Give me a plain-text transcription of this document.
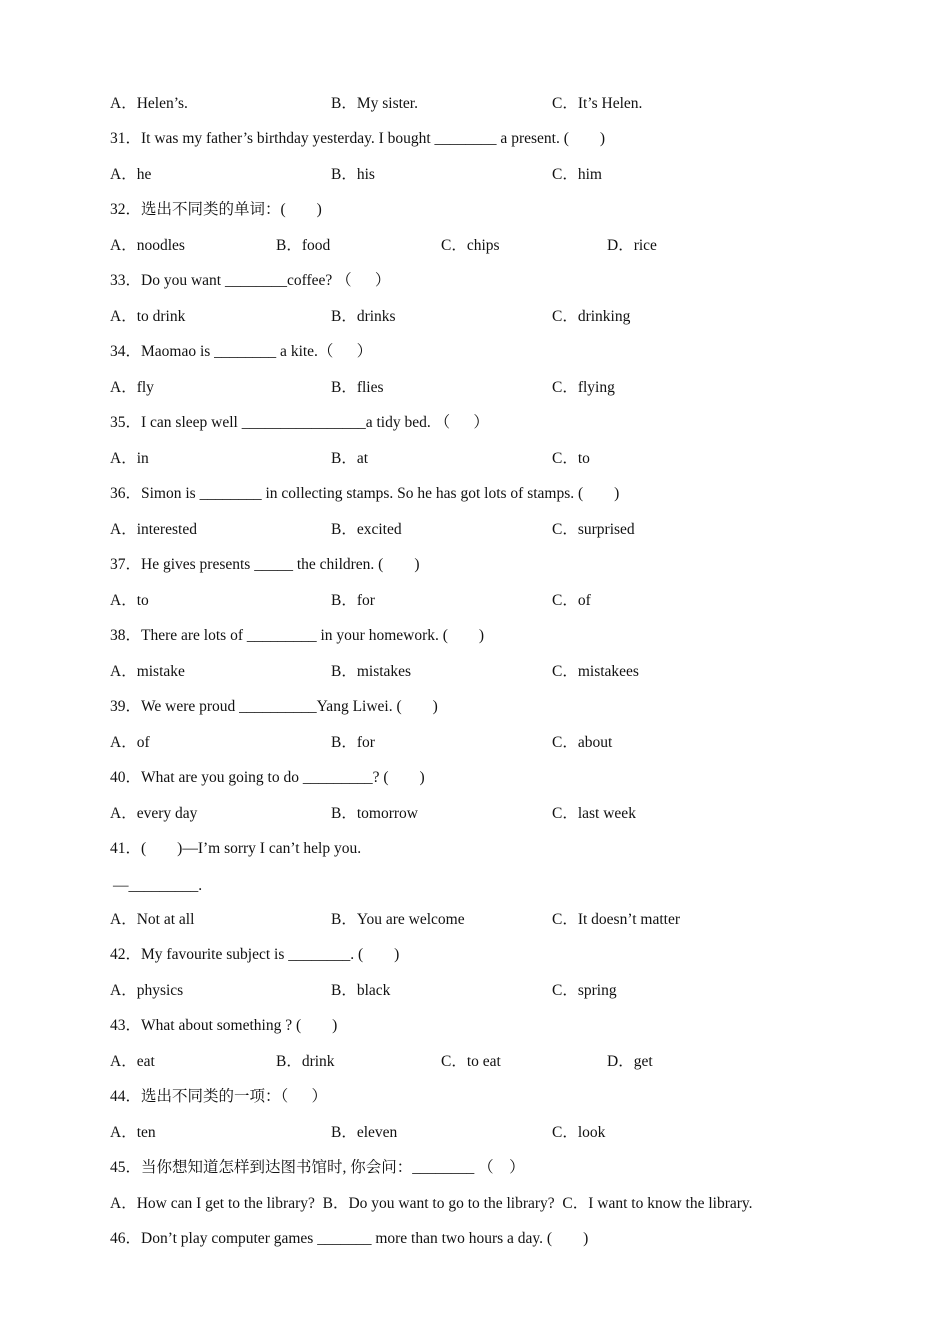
A．Helen’s.	B．My sister.	C．It’s Helen.
31．It was my father’s birthday yesterday. I bought ________ a present. (        )
A．he	B．his	C．him
32．选出不同类的单词：(        )
A．noodles	B．food	C．chips	D．rice
33．Do you want ________coffee? （      ）
A．to drink	B．drinks	C．drinking
34．Maomao is ________ a kite.（      ）
A．fly	B．flies	C．flying
35．I can sleep well ________________a tidy bed. （      ）
A．in	B．at	C．to
36．Simon is ________ in collecting stamps. So he has got lots of stamps. (        )
A．interested	B．excited	C．surprised
37．He gives presents _____ the children. (        )
A．to	B．for	C．of
38．There are lots of _________ in your homework. (        )
A．mistake	B．mistakes	C．mistakees
39．We were proud __________Yang Liwei. (        )
A．of	B．for	C．about
40．What are you going to do _________? (        )
A．every day	B．tomorrow	C．last week
41．(        )—I’m sorry I can’t help you.
—_________.
A．Not at all	B．You are welcome	C．It doesn’t matter
42．My favourite subject is ________. (        )
A．physics	B．black	C．spring
43．What about something ? (        )
A．eat	B．drink	C．to eat	D．get
44．选出不同类的一项：（      ）
A．ten	B．eleven	C．look
45．当你想知道怎样到达图书馆时, 你会问：________ （    ）
A．How can I get to the library?  B．Do you want to go to the library?  C．I want to know the library.
46．Don’t play computer games _______ more than two hours a day. (        )
